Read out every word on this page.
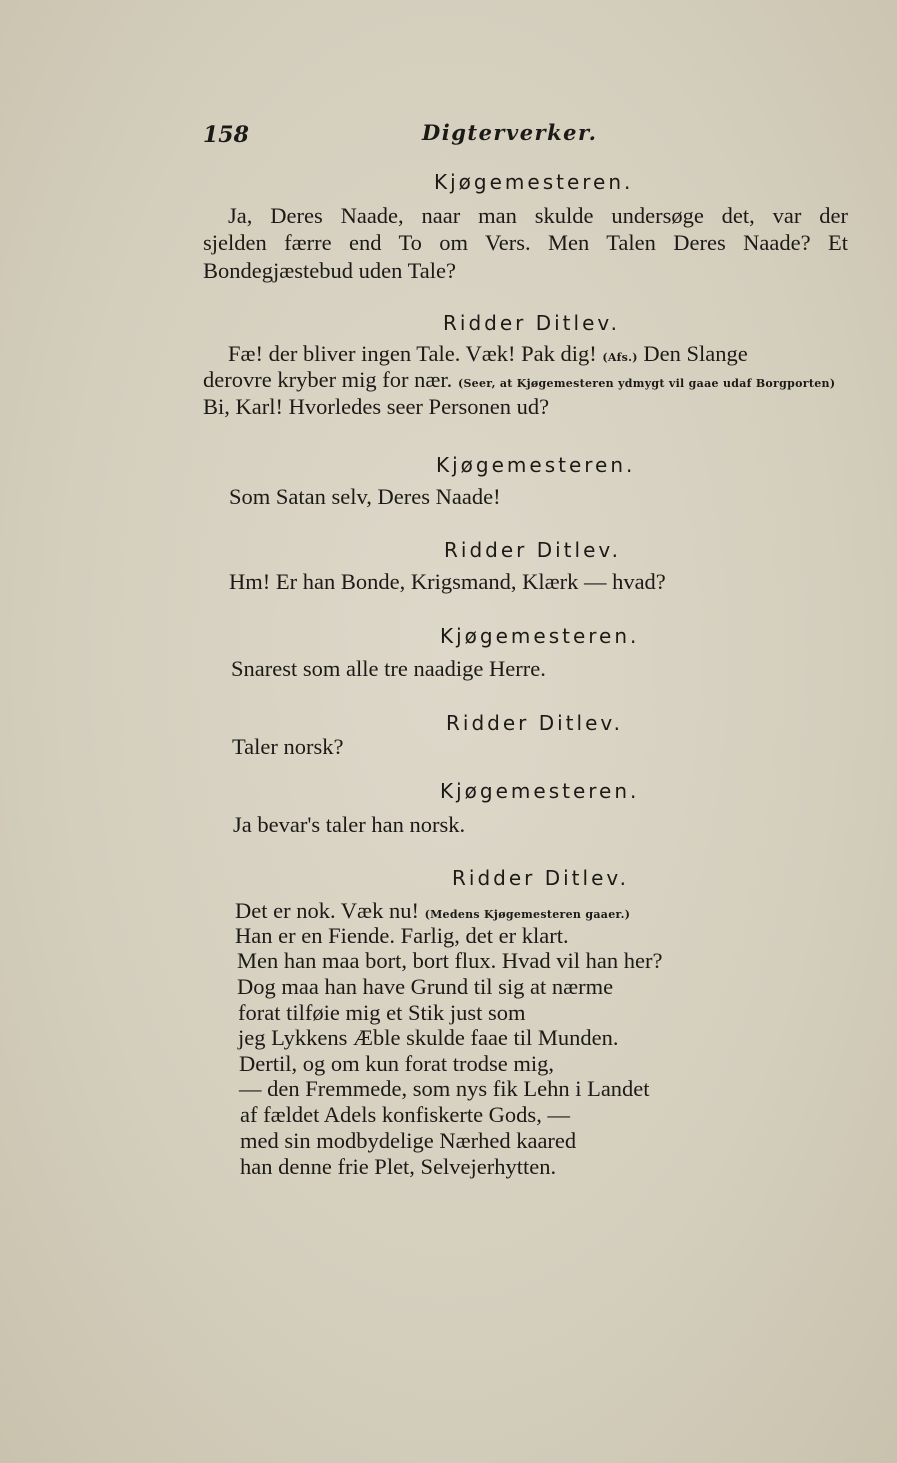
158	Digterverker.
Kjøgemesteren.
Ja, Deres Naade, naar man skulde undersøge det, var der
sjelden færre end To om Vers. Men Talen Deres Naade? Et
Bondegjæstebud uden Tale?
Ridder Ditlev.
Fæ! der bliver ingen Tale. Væk! Pak dig! (Afs.) Den Slange
derovre kryber mig for nær. (Seer, at Kjøgemesteren ydmygt vil gaae udaf Borgporten)
Bi, Karl! Hvorledes seer Personen ud?
Kjøgemesteren.
Som Satan selv, Deres Naade!
Ridder Ditlev.
Hm! Er han Bonde, Krigsmand, Klærk — hvad?
Kjøgemesteren.
Snarest som alle tre naadige Herre.
Ridder Ditlev.
Taler norsk?
Kjøgemesteren.
Ja bevar's taler han norsk.
Ridder Ditlev.
Det er nok. Væk nu! (Medens Kjøgemesteren gaaer.)
Han er en Fiende. Farlig, det er klart.
Men han maa bort, bort flux. Hvad vil han her?
Dog maa han have Grund til sig at nærme
forat tilføie mig et Stik just som
jeg Lykkens Æble skulde faae til Munden.
Dertil, og om kun forat trodse mig,
— den Fremmede, som nys fik Lehn i Landet
af fældet Adels konfiskerte Gods, —
med sin modbydelige Nærhed kaared
han denne frie Plet, Selvejerhytten.
